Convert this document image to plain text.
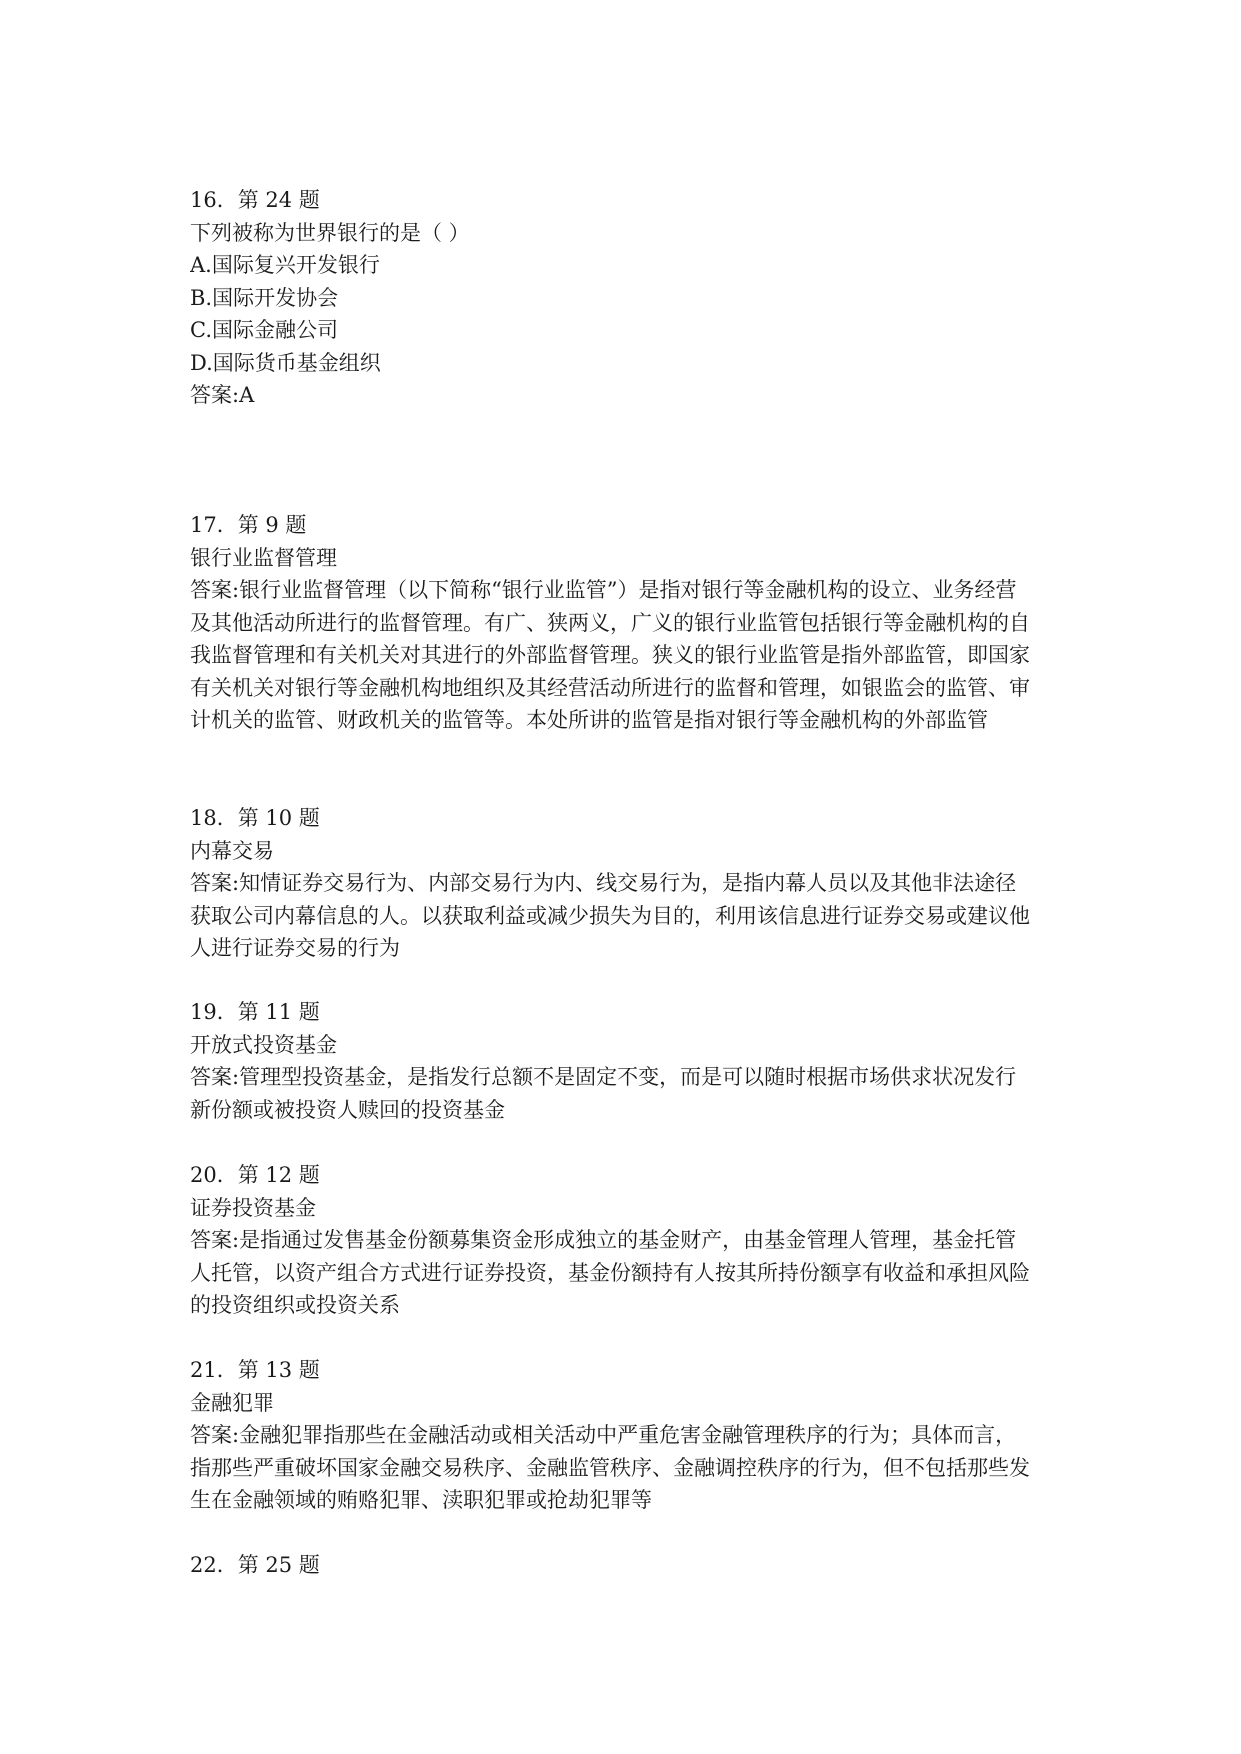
16．第 24 题
下列被称为世界银行的是（ ）
A.国际复兴开发银行
B.国际开发协会
C.国际金融公司
D.国际货币基金组织
答案:A
17．第 9 题
银行业监督管理
答案:银行业监督管理（以下简称“银行业监管”）是指对银行等金融机构的设立、业务经营
及其他活动所进行的监督管理。有广、狭两义，广义的银行业监管包括银行等金融机构的自
我监督管理和有关机关对其进行的外部监督管理。狭义的银行业监管是指外部监管，即国家
有关机关对银行等金融机构地组织及其经营活动所进行的监督和管理，如银监会的监管、审
计机关的监管、财政机关的监管等。本处所讲的监管是指对银行等金融机构的外部监管
18．第 10 题
内幕交易
答案:知情证券交易行为、内部交易行为内、线交易行为，是指内幕人员以及其他非法途径
获取公司内幕信息的人。以获取利益或减少损失为目的，利用该信息进行证券交易或建议他
人进行证券交易的行为
19．第 11 题
开放式投资基金
答案:管理型投资基金，是指发行总额不是固定不变，而是可以随时根据市场供求状况发行
新份额或被投资人赎回的投资基金
20．第 12 题
证券投资基金
答案:是指通过发售基金份额募集资金形成独立的基金财产，由基金管理人管理，基金托管
人托管，以资产组合方式进行证券投资，基金份额持有人按其所持份额享有收益和承担风险
的投资组织或投资关系
21．第 13 题
金融犯罪
答案:金融犯罪指那些在金融活动或相关活动中严重危害金融管理秩序的行为；具体而言，
指那些严重破坏国家金融交易秩序、金融监管秩序、金融调控秩序的行为，但不包括那些发
生在金融领域的贿赂犯罪、渎职犯罪或抢劫犯罪等
22．第 25 题
